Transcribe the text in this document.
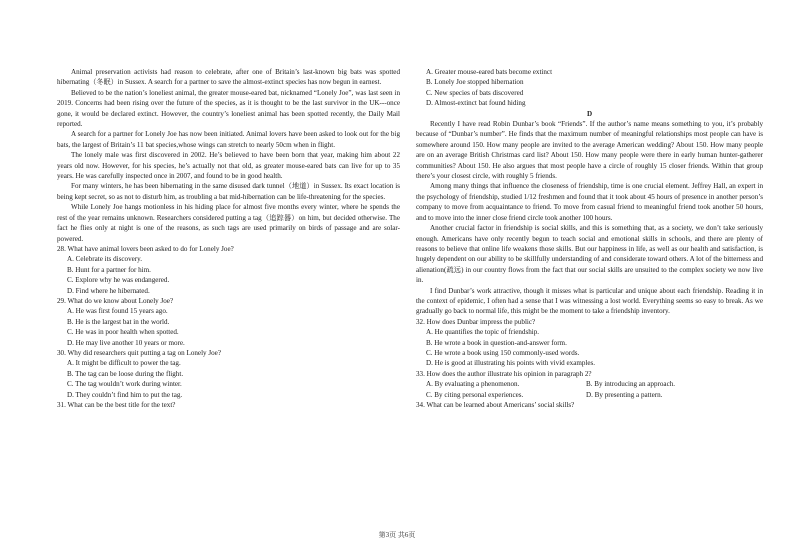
Animal preservation activists had reason to celebrate, after one of Britain’s last-known big bats was spotted hibernating（冬眠）in Sussex. A search for a partner to save the almost-extinct species has now begun in earnest.

Believed to be the nation’s loneliest animal, the greater mouse-eared bat, nicknamed “Lonely Joe”, was last seen in 2019. Concerns had been rising over the future of the species, as it is thought to be the last survivor in the UK---once gone, it would be declared extinct. However, the country’s loneliest animal has been spotted recently, the Daily Mail reported.

A search for a partner for Lonely Joe has now been initiated. Animal lovers have been asked to look out for the big bats, the largest of Britain’s 11 bat species,whose wings can stretch to nearly 50cm when in flight.

The lonely male was first discovered in 2002. He’s believed to have been born that year, making him about 22 years old now. However, for his species, he’s actually not that old, as greater mouse-eared bats can live for up to 35 years. He was carefully inspected once in 2007, and found to be in good health.

For many winters, he has been hibernating in the same disused dark tunnel（地道）in Sussex. Its exact location is being kept secret, so as not to disturb him, as troubling a bat mid-hibernation can be life-threatening for the species.

While Lonely Joe hangs motionless in his hiding place for almost five months every winter, where he spends the rest of the year remains unknown. Researchers considered putting a tag（追踪器）on him, but decided otherwise. The fact he flies only at night is one of the reasons, as such tags are used primarily on birds of passage and are solar-powered.

28. What have animal lovers been asked to do for Lonely Joe?

A. Celebrate its discovery.

B. Hunt for a partner for him.

C. Explore why he was endangered.

D. Find where he hibernated.

29. What do we know about Lonely Joe?

A. He was first found 15 years ago.

B. He is the largest bat in the world.

C. He was in poor health when spotted.

D. He may live another 10 years or more.

30. Why did researchers quit putting a tag on Lonely Joe?

A. It might be difficult to power the tag.

B. The tag can be loose during the flight.

C. The tag wouldn’t work during winter.

D. They couldn’t find him to put the tag.

31. What can be the best title for the text?

A. Greater mouse-eared bats become extinct

B. Lonely Joe stopped hibernation

C. New species of bats discovered

D. Almost-extinct bat found hiding

D

Recently I have read Robin Dunbar’s book “Friends”. If the author’s name means something to you, it’s probably because of “Dunbar’s number”. He finds that the maximum number of meaningful relationships most people can have is somewhere around 150. How many people are invited to the average American wedding? About 150. How many people are on an average British Christmas card list? About 150. How many people were there in early human hunter-gatherer communities? About 150. He also argues that most people have a circle of roughly 15 closer friends. Within that group there’s your closest circle, with roughly 5 friends.

Among many things that influence the closeness of friendship, time is one crucial element. Jeffrey Hall, an expert in the psychology of friendship, studied 1/12 freshmen and found that it took about 45 hours of presence in another person’s company to move from acquaintance to friend. To move from casual friend to meaningful friend took another 50 hours, and to move into the inner close friend circle took another 100 hours.

Another crucial factor in friendship is social skills, and this is something that, as a society, we don’t take seriously enough. Americans have only recently begun to teach social and emotional skills in schools, and there are plenty of reasons to believe that online life weakens those skills. But our happiness in life, as well as our health and satisfaction, is hugely dependent on our ability to be skillfully understanding of and considerate toward others. A lot of the bitterness and alienation(疏远) in our country flows from the fact that our social skills are unsuited to the complex society we now live in.

I find Dunbar’s work attractive, though it misses what is particular and unique about each friendship. Reading it in the context of epidemic, I often had a sense that I was witnessing a lost world. Everything seems so easy to break. As we gradually go back to normal life, this might be the moment to take a friendship inventory.

32. How does Dunbar impress the public?

A. He quantifies the topic of friendship.

B. He wrote a book in question-and-answer form.

C. He wrote a book using 150 commonly-used words.

D. He is good at illustrating his points with vivid examples.

33. How does the author illustrate his opinion in paragraph 2?

A. By evaluating a phenomenon.	B. By introducing an approach.

C. By citing personal experiences.	D. By presenting a pattern.

34. What can be learned about Americans’ social skills?

第3页 共6页
